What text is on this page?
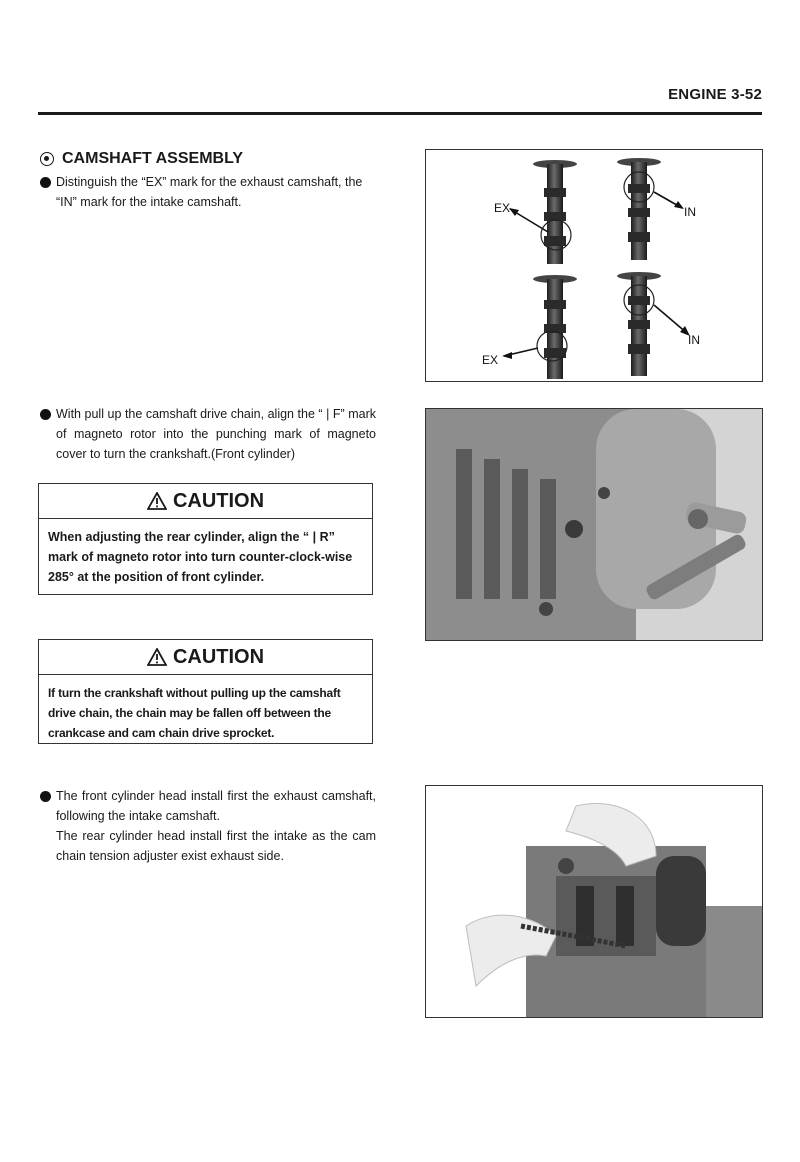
ENGINE 3-52
CAMSHAFT ASSEMBLY

Distinguish the “EX” mark for the exhaust camshaft, the “IN” mark for the intake camshaft.

With pull up the camshaft drive chain, align the “ | F” mark of magneto rotor into the punching mark of magneto cover to turn the crankshaft.(Front cylinder)

CAUTION
When adjusting the rear cylinder, align the “ | R” mark of magneto rotor into turn counter-clock-wise 285° at the position of front cylinder.
CAUTION
If turn the crankshaft without pulling up the camshaft drive chain, the chain may be fallen off between the crankcase and cam chain drive sprocket.

The front cylinder head install first the exhaust camshaft, following the intake camshaft.

The rear cylinder head install first the intake as the cam chain tension adjuster exist exhaust side.

EX	IN
EX
IN
